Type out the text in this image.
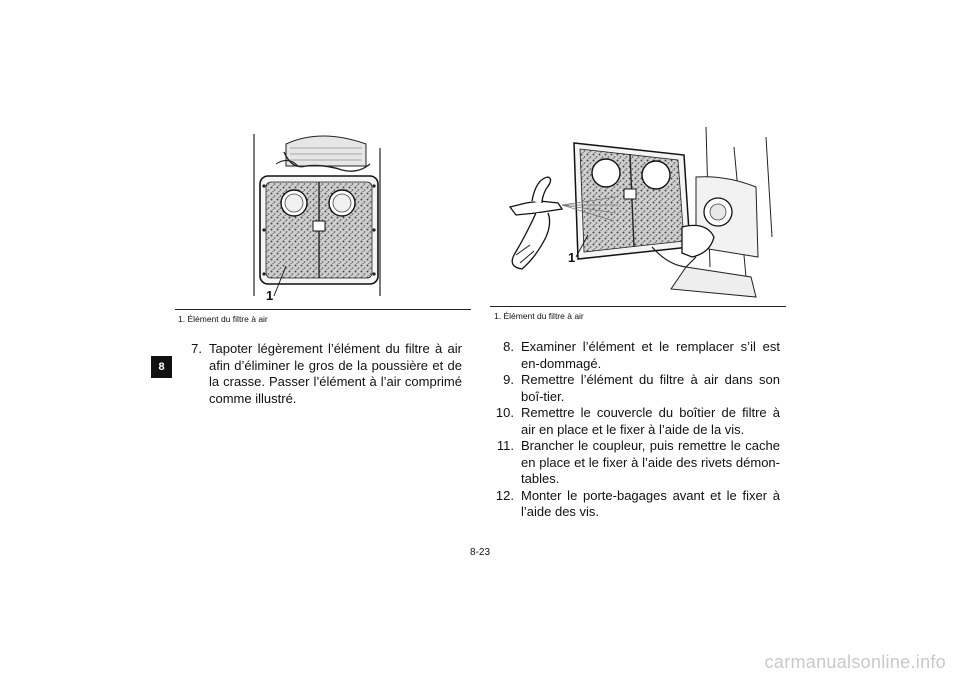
8
1
1. Élément du filtre à air
1
1. Élément du filtre à air
7. Tapoter légèrement l’élément du filtre à air afin d’éliminer le gros de la poussière et de la crasse. Passer l’élément à l’air comprimé comme illustré.
8. Examiner l’élément et le remplacer s’il est en-dommagé.
9. Remettre l’élément du filtre à air dans son boî-tier.
10. Remettre le couvercle du boîtier de filtre à air en place et le fixer à l’aide de la vis.
11. Brancher le coupleur, puis remettre le cache en place et le fixer à l’aide des rivets démon-tables.
12. Monter le porte-bagages avant et le fixer à l’aide des vis.
8-23
carmanualsonline.info
